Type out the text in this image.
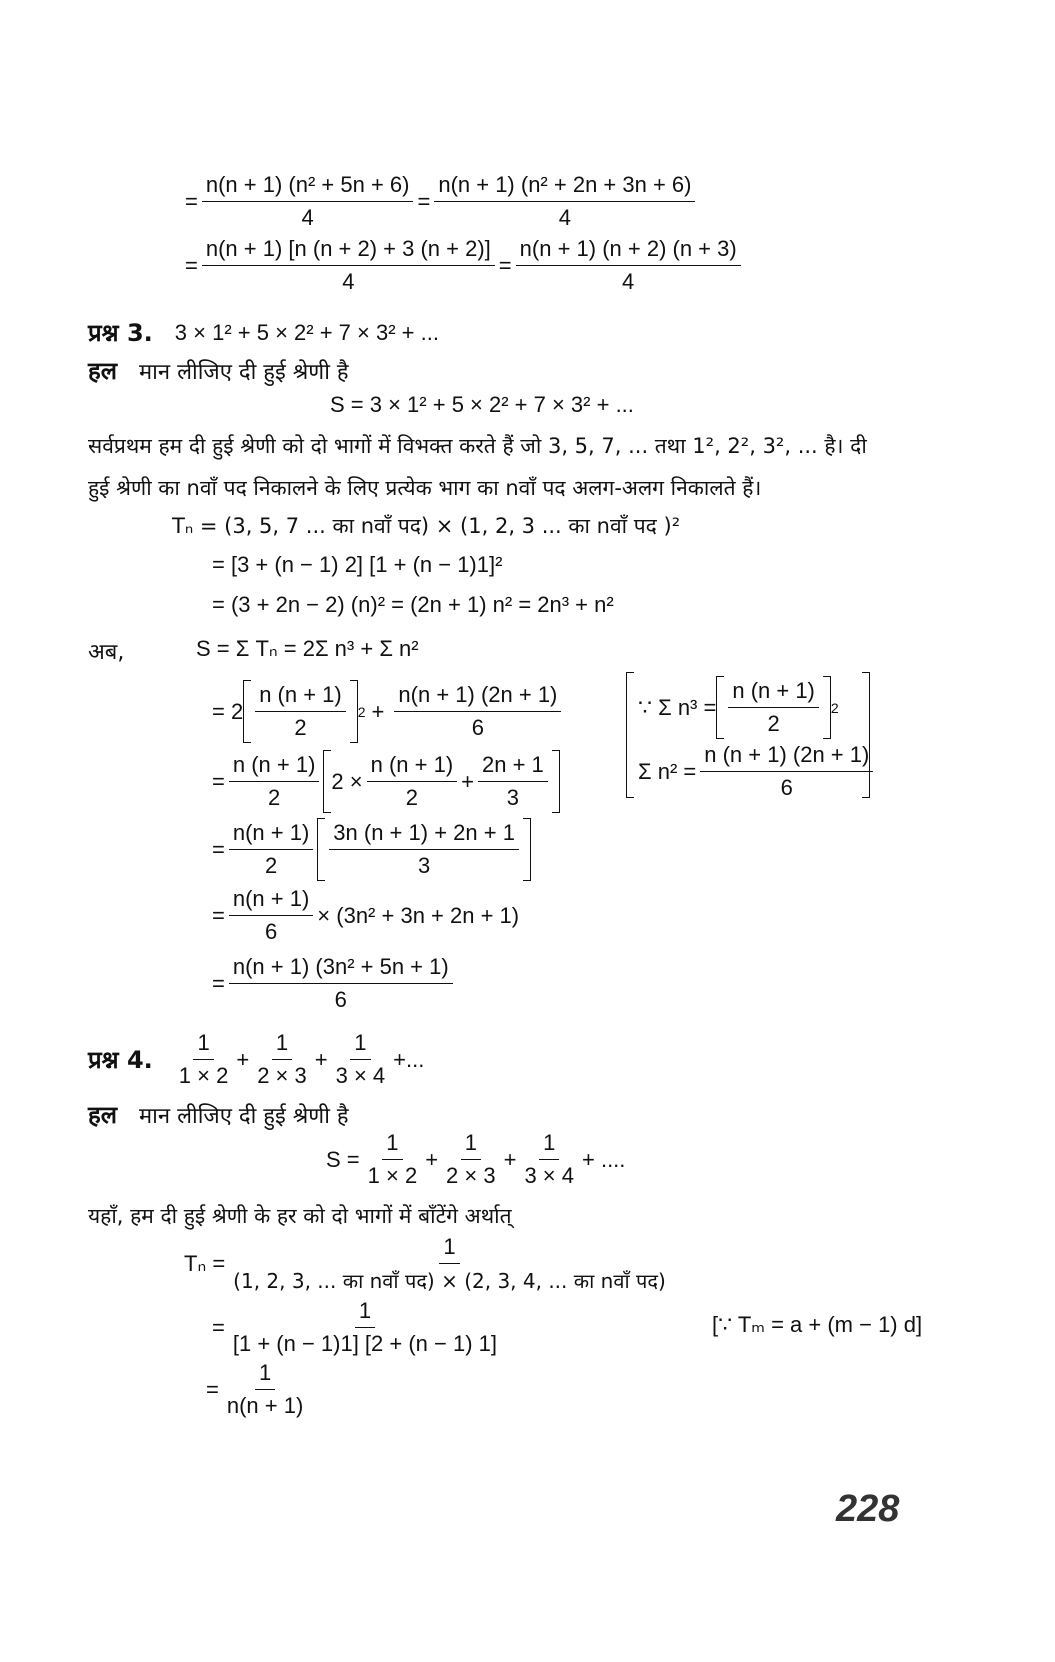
= $\frac{\text{n(n + 1) (n² + 5n + 6)}}{4} = \frac{\text{n(n + 1) (n² + 2n + 3n + 6)}}{4}$
= $\frac{n(n + 1) [n (n + 2) + 3 (n + 2)]}{4} = \frac{n(n + 1) (n + 2) (n + 3)}{4}$
प्रश्न 3. 3 × 1² + 5 × 2² + 7 × 3² + ...
हल मान लीजिए दी हुई श्रेणी है
S = 3 × 1² + 5 × 2² + 7 × 3² + ...
सर्वप्रथम हम दी हुई श्रेणी को दो भागों में विभक्त करते हैं जो 3, 5, 7, ... तथा 1², 2², 3², ... है। दी
हुई श्रेणी का nवाँ पद निकालने के लिए प्रत्येक भाग का nवाँ पद अलग-अलग निकालते हैं।
Tₙ = (3, 5, 7 ... का nवाँ पद) × (1, 2, 3 ... का nवाँ पद )²
= [3 + (n − 1) 2] [1 + (n − 1)1]²
= (3 + 2n − 2) (n)² = (2n + 1) n² = 2n³ + n²
अब,	S = Σ Tₙ = 2Σ n³ + Σ n²
= $2 \frac{n (n + 1)}{2} 2 + \frac{n(n + 1) (2n + 1)}{6}$
= $\frac{n (n + 1)}{2} 2 \times \frac{n (n + 1)}{2} + \frac{2n + 1}{3}$
= $\frac{n(n + 1)}{2} \frac{3n (n + 1) + 2n + 1}{3}$
= $\frac{n(n + 1)}{6} \times (3n^2 + 3n + 2n + 1)$
= $\frac{\text{n(n + 1) (3n² + 5n + 1)}}{6}$
∵ Σ $n^3 = \frac{n (n + 1)}{2} 2$
Σ $n^2 = \frac{n (n + 1) (2n + 1)}{6}$
प्रश्न 4. $\frac{1}{1 \times 2} + \frac{1}{2 \times 3} + \frac{1}{3 \times 4}$ +...
हल मान लीजिए दी हुई श्रेणी है
$S = \frac{1}{1 \times 2} + \frac{1}{2 \times 3} + \frac{1}{3 \times 4}$ + ....
यहाँ, हम दी हुई श्रेणी के हर को दो भागों में बाँटेंगे अर्थात्
$T_n = \frac{1}{\text{(1, 2, 3, ... का nवाँ पद) × (2, 3, 4, ... का nवाँ पद)}}$
= $\frac{1}{[1 + (n - 1)1] [2 + (n - 1) 1]}$	[∵ Tₘ = a + (m − 1) d]
= $\frac{1}{n(n + 1)}$
228
